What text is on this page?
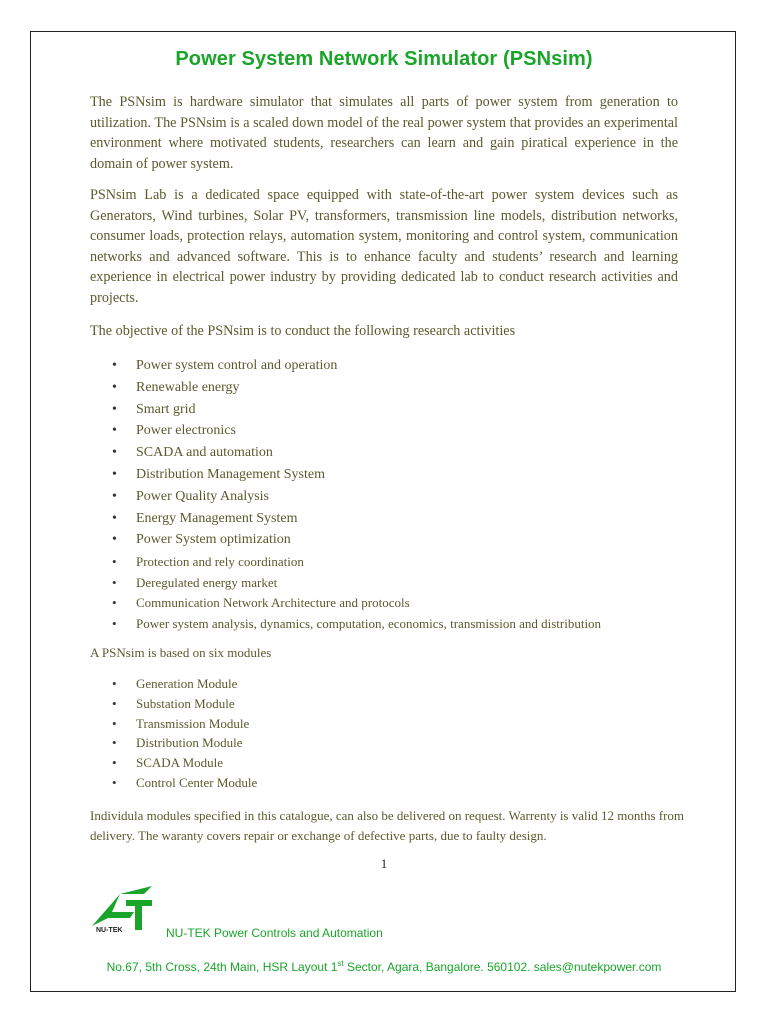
Power System Network Simulator (PSNsim)
The PSNsim is hardware simulator that simulates all parts of power system from generation to utilization. The PSNsim is a scaled down model of the real power system that provides an experimental environment where motivated students, researchers can learn and gain piratical experience in the domain of power system.
PSNsim Lab is a dedicated space equipped with state-of-the-art power system devices such as Generators, Wind turbines, Solar PV, transformers, transmission line models, distribution networks, consumer loads, protection relays, automation system, monitoring and control system, communication networks and advanced software. This is to enhance faculty and students’ research and learning experience in electrical power industry by providing dedicated lab to conduct research activities and projects.
The objective of the PSNsim is to conduct the following research activities
• Power system control and operation
• Renewable energy
• Smart grid
• Power electronics
• SCADA and automation
• Distribution Management System
• Power Quality Analysis
• Energy Management System
• Power System optimization
• Protection and rely coordination
• Deregulated energy market
• Communication Network Architecture and protocols
• Power system analysis, dynamics, computation, economics, transmission and distribution
A PSNsim is based on six modules
• Generation Module
• Substation Module
• Transmission Module
• Distribution Module
• SCADA Module
• Control Center Module
Individula modules specified in this catalogue, can also be delivered on request. Warrenty is valid 12 months from delivery. The waranty covers repair or exchange of defective parts, due to faulty design.
1
NU-TEK	NU-TEK Power Controls and Automation
No.67, 5th Cross, 24th Main, HSR Layout 1st Sector, Agara, Bangalore. 560102. sales@nutekpower.com
